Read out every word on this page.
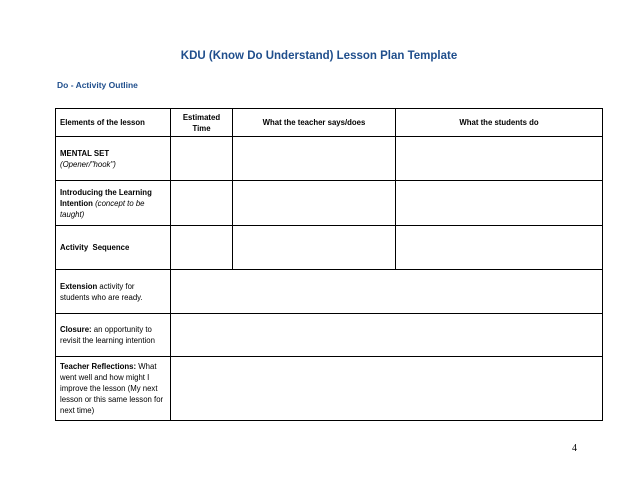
KDU (Know Do Understand) Lesson Plan Template
Do - Activity Outline
Elements of the lesson	Estimated Time	What the teacher says/does	What the students do
MENTAL SET (Opener/"hook")			
Introducing the Learning Intention (concept to be taught)			
Activity  Sequence			
Extension activity for students who are ready.			
Closure: an opportunity to revisit the learning intention			
Teacher Reflections: What went well and how might I improve the lesson (My next lesson or this same lesson for next time)			
4
